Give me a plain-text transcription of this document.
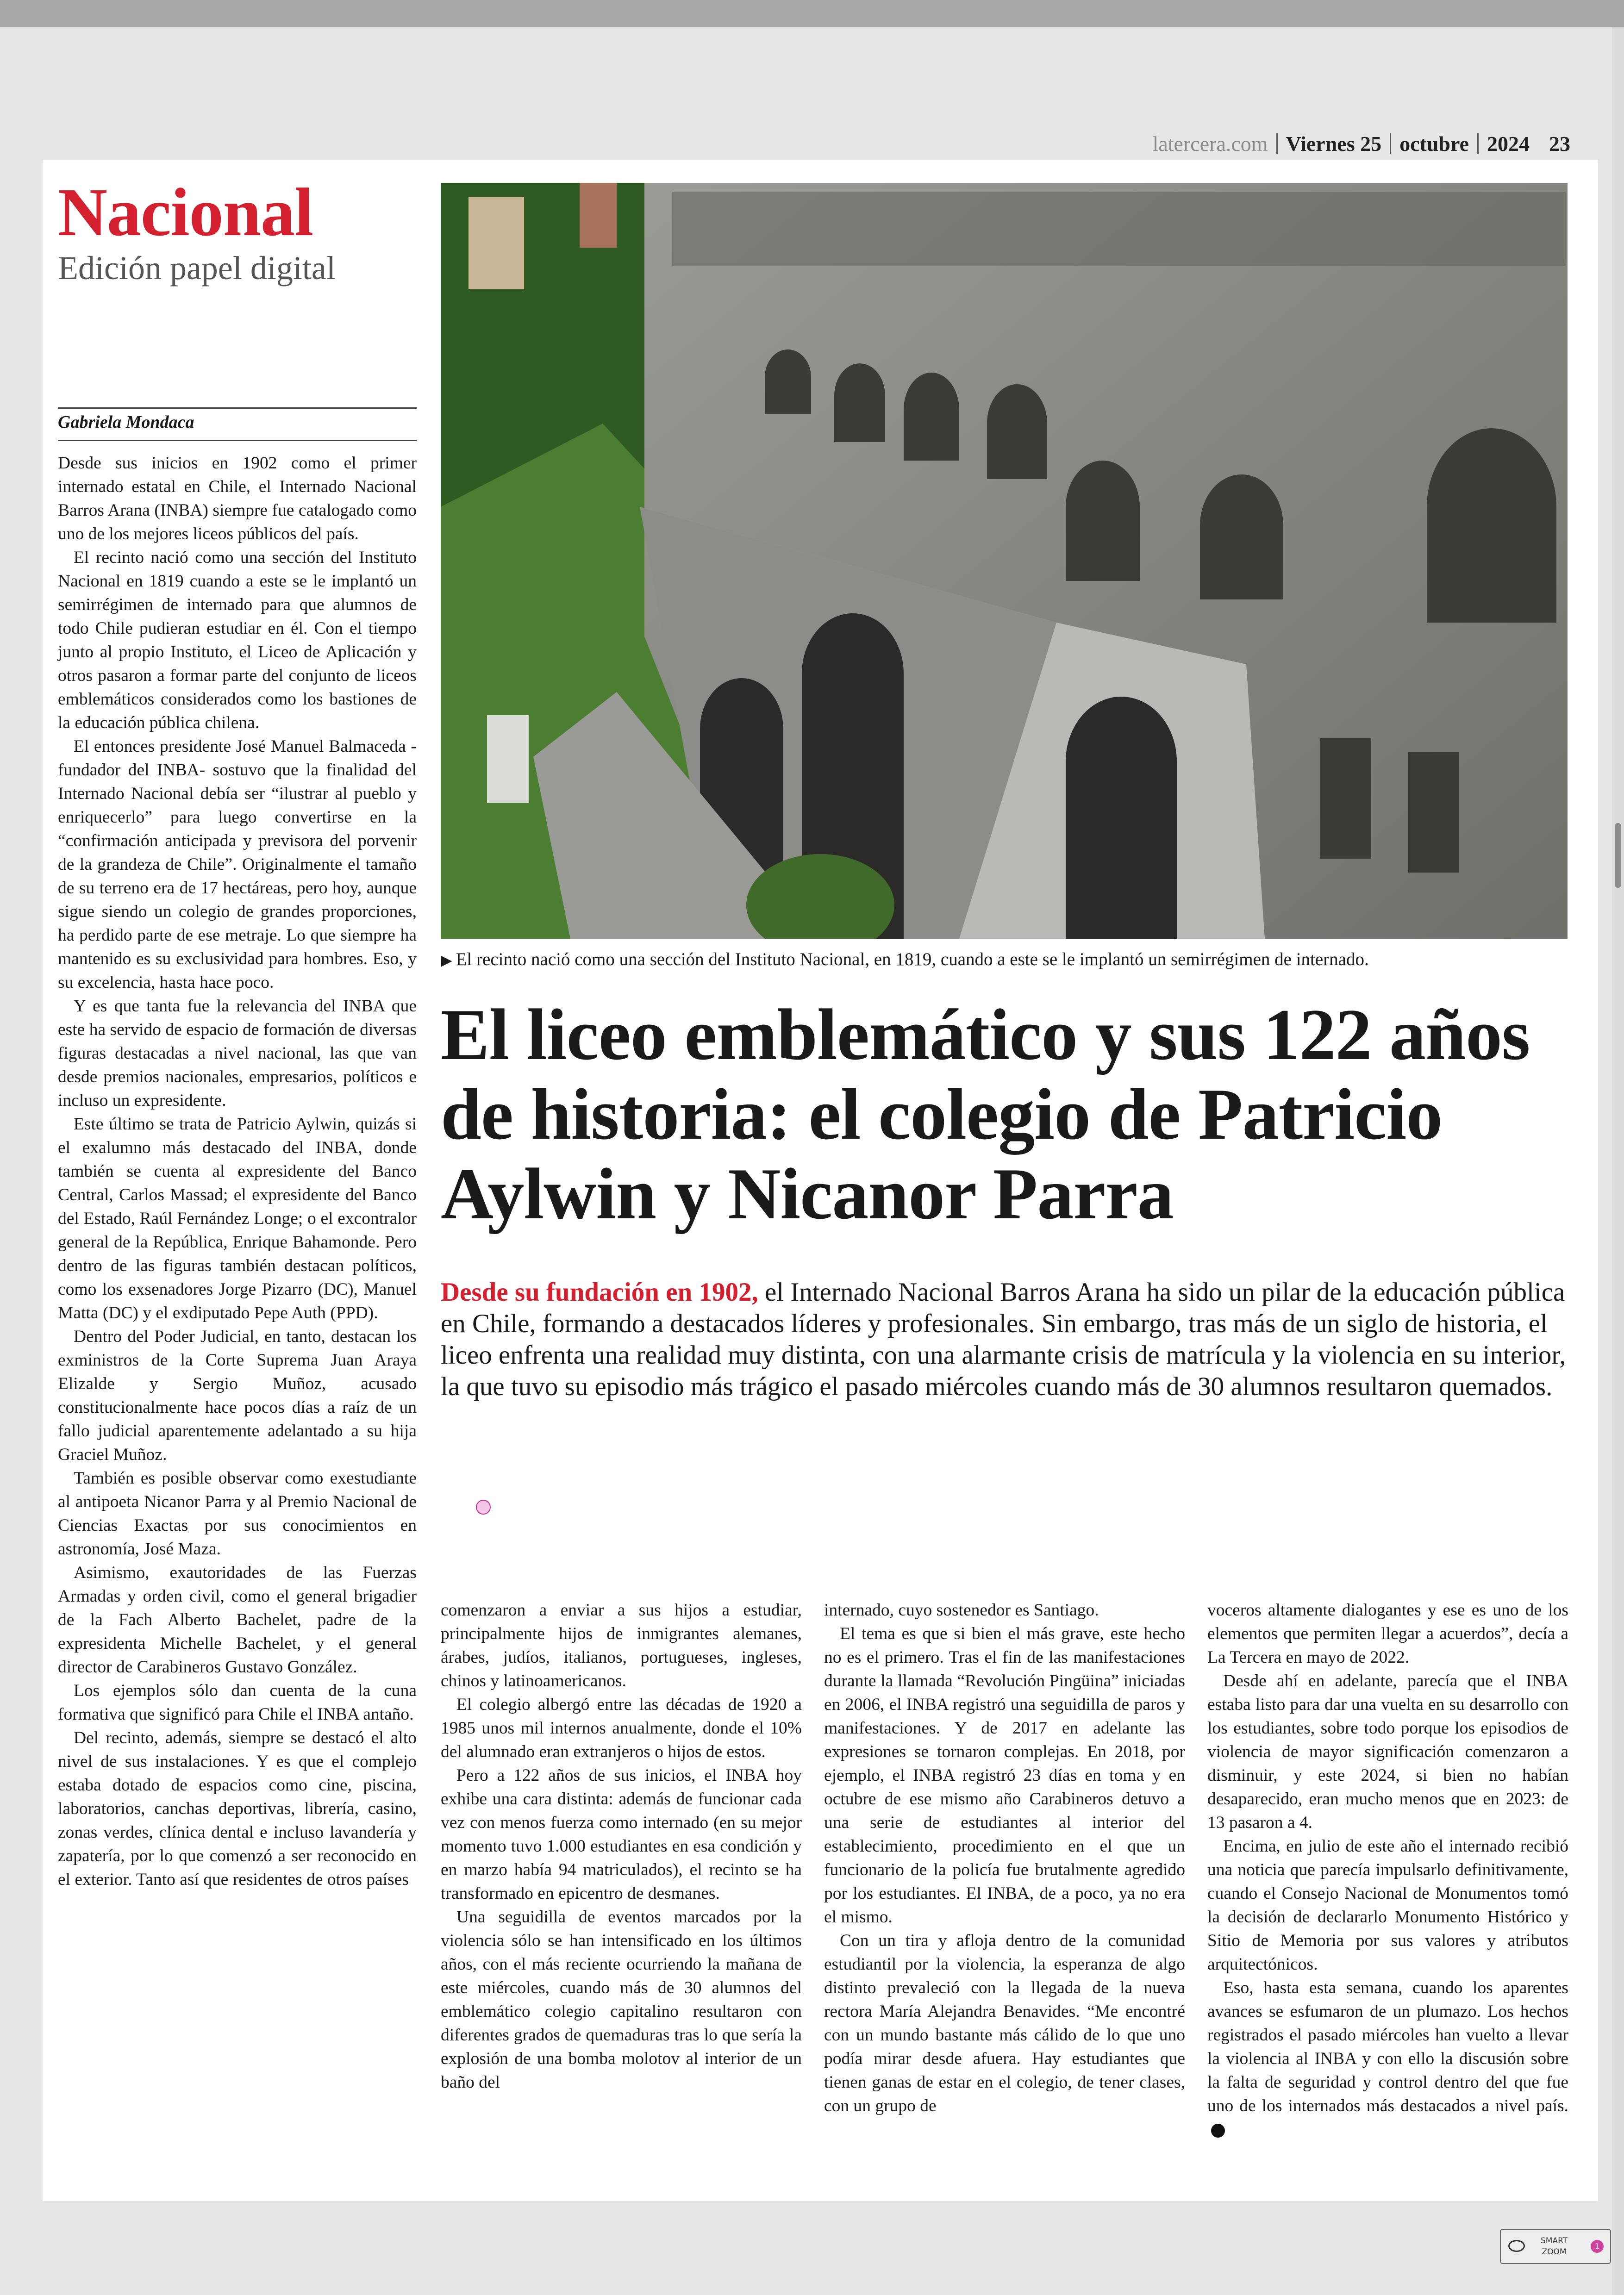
latercera.com Viernes 25 octubre 2024 23
Nacional
Edición papel digital
Gabriela Mondaca

Desde sus inicios en 1902 como el primer internado estatal en Chile, el Internado Nacional Barros Arana (INBA) siempre fue catalogado como uno de los mejores liceos públicos del país.

El recinto nació como una sección del Instituto Nacional en 1819 cuando a este se le implantó un semirrégimen de internado para que alumnos de todo Chile pudieran estudiar en él. Con el tiempo junto al propio Instituto, el Liceo de Aplicación y otros pasaron a formar parte del conjunto de liceos emblemáticos considerados como los bastiones de la educación pública chilena.

El entonces presidente José Manuel Balmaceda -fundador del INBA- sostuvo que la finalidad del Internado Nacional debía ser “ilustrar al pueblo y enriquecerlo” para luego convertirse en la “confirmación anticipada y previsora del porvenir de la grandeza de Chile”. Originalmente el tamaño de su terreno era de 17 hectáreas, pero hoy, aunque sigue siendo un colegio de grandes proporciones, ha perdido parte de ese metraje. Lo que siempre ha mantenido es su exclusividad para hombres. Eso, y su excelencia, hasta hace poco.

Y es que tanta fue la relevancia del INBA que este ha servido de espacio de formación de diversas figuras destacadas a nivel nacional, las que van desde premios nacionales, empresarios, políticos e incluso un expresidente.

Este último se trata de Patricio Aylwin, quizás si el exalumno más destacado del INBA, donde también se cuenta al expresidente del Banco Central, Carlos Massad; el expresidente del Banco del Estado, Raúl Fernández Longe; o el excontralor general de la República, Enrique Bahamonde. Pero dentro de las figuras también destacan políticos, como los exsenadores Jorge Pizarro (DC), Manuel Matta (DC) y el exdiputado Pepe Auth (PPD).

Dentro del Poder Judicial, en tanto, destacan los exministros de la Corte Suprema Juan Araya Elizalde y Sergio Muñoz, acusado constitucionalmente hace pocos días a raíz de un fallo judicial aparentemente adelantado a su hija Graciel Muñoz.

También es posible observar como exestudiante al antipoeta Nicanor Parra y al Premio Nacional de Ciencias Exactas por sus conocimientos en astronomía, José Maza.

Asimismo, exautoridades de las Fuerzas Armadas y orden civil, como el general brigadier de la Fach Alberto Bachelet, padre de la expresidenta Michelle Bachelet, y el general director de Carabineros Gustavo González.

Los ejemplos sólo dan cuenta de la cuna formativa que significó para Chile el INBA antaño.

Del recinto, además, siempre se destacó el alto nivel de sus instalaciones. Y es que el complejo estaba dotado de espacios como cine, piscina, laboratorios, canchas deportivas, librería, casino, zonas verdes, clínica dental e incluso lavandería y zapatería, por lo que comenzó a ser reconocido en el exterior. Tanto así que residentes de otros países

▶ El recinto nació como una sección del Instituto Nacional, en 1819, cuando a este se le implantó un semirrégimen de internado.
El liceo emblemático y sus 122 años de historia: el colegio de Patricio Aylwin y Nicanor Parra
Desde su fundación en 1902, el Internado Nacional Barros Arana ha sido un pilar de la educación pública en Chile, formando a destacados líderes y profesionales. Sin embargo, tras más de un siglo de historia, el liceo enfrenta una realidad muy distinta, con una alarmante crisis de matrícula y la violencia en su interior, la que tuvo su episodio más trágico el pasado miércoles cuando más de 30 alumnos resultaron quemados.

comenzaron a enviar a sus hijos a estudiar, principalmente hijos de inmigrantes alemanes, árabes, judíos, italianos, portugueses, ingleses, chinos y latinoamericanos.

El colegio albergó entre las décadas de 1920 a 1985 unos mil internos anualmente, donde el 10% del alumnado eran extranjeros o hijos de estos.

Pero a 122 años de sus inicios, el INBA hoy exhibe una cara distinta: además de funcionar cada vez con menos fuerza como internado (en su mejor momento tuvo 1.000 estudiantes en esa condición y en marzo había 94 matriculados), el recinto se ha transformado en epicentro de desmanes.

Una seguidilla de eventos marcados por la violencia sólo se han intensificado en los últimos años, con el más reciente ocurriendo la mañana de este miércoles, cuando más de 30 alumnos del emblemático colegio capitalino resultaron con diferentes grados de quemaduras tras lo que sería la explosión de una bomba molotov al interior de un baño del

internado, cuyo sostenedor es Santiago.

El tema es que si bien el más grave, este hecho no es el primero. Tras el fin de las manifestaciones durante la llamada “Revolución Pingüina” iniciadas en 2006, el INBA registró una seguidilla de paros y manifestaciones. Y de 2017 en adelante las expresiones se tornaron complejas. En 2018, por ejemplo, el INBA registró 23 días en toma y en octubre de ese mismo año Carabineros detuvo a una serie de estudiantes al interior del establecimiento, procedimiento en el que un funcionario de la policía fue brutalmente agredido por los estudiantes. El INBA, de a poco, ya no era el mismo.

Con un tira y afloja dentro de la comunidad estudiantil por la violencia, la esperanza de algo distinto prevaleció con la llegada de la nueva rectora María Alejandra Benavides. “Me encontré con un mundo bastante más cálido de lo que uno podía mirar desde afuera. Hay estudiantes que tienen ganas de estar en el colegio, de tener clases, con un grupo de

voceros altamente dialogantes y ese es uno de los elementos que permiten llegar a acuerdos”, decía a La Tercera en mayo de 2022.

Desde ahí en adelante, parecía que el INBA estaba listo para dar una vuelta en su desarrollo con los estudiantes, sobre todo porque los episodios de violencia de mayor significación comenzaron a disminuir, y este 2024, si bien no habían desaparecido, eran mucho menos que en 2023: de 13 pasaron a 4.

Encima, en julio de este año el internado recibió una noticia que parecía impulsarlo definitivamente, cuando el Consejo Nacional de Monumentos tomó la decisión de declararlo Monumento Histórico y Sitio de Memoria por sus valores y atributos arquitectónicos.

Eso, hasta esta semana, cuando los aparentes avances se esfumaron de un plumazo. Los hechos registrados el pasado miércoles han vuelto a llevar la violencia al INBA y con ello la discusión sobre la falta de seguridad y control dentro del que fue uno de los internados más destacados a nivel país.

SMART
ZOOM
1
